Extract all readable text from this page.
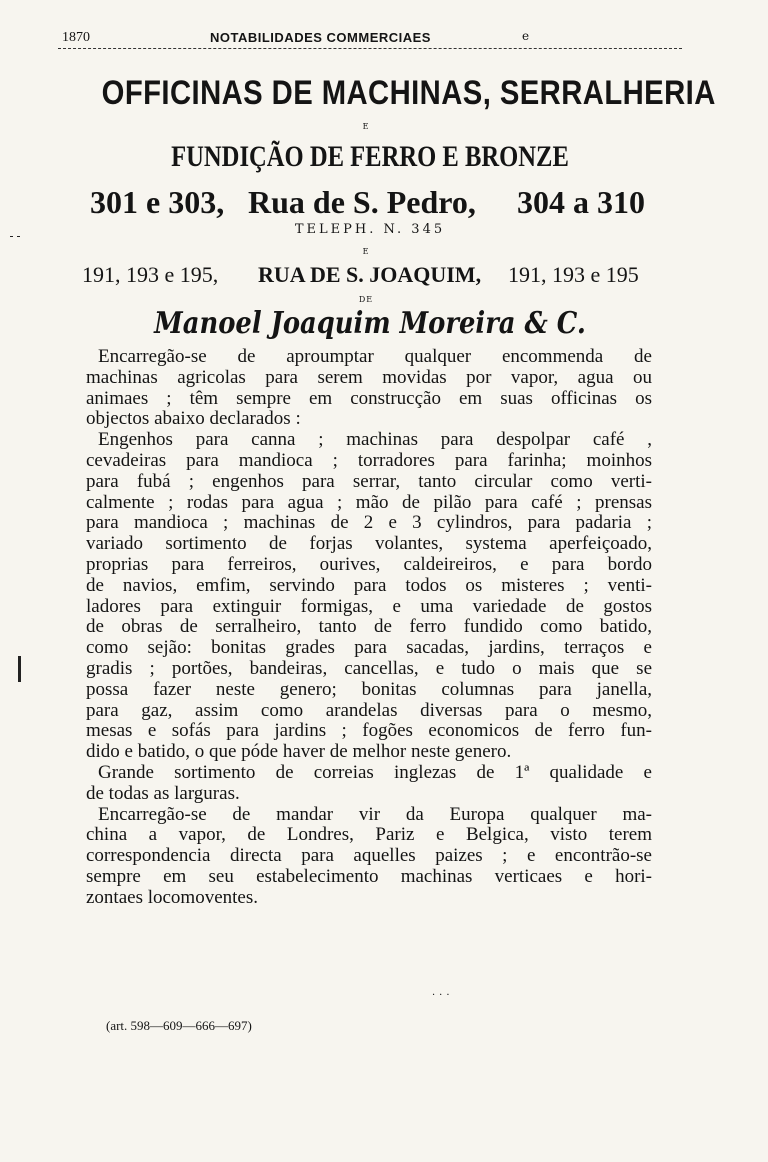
1870	NOTABILIDADES COMMERCIAES	e
OFFICINAS DE MACHINAS, SERRALHERIA
E
FUNDIÇÃO DE FERRO E BRONZE
301 e 303, Rua de S. Pedro, 304 a 310
TELEPH. N. 345
E
191, 193 e 195, RUA DE S. JOAQUIM, 191, 193 e 195
DE
Manoel Joaquim Moreira & C.
Encarregão-se de aproumptar qualquer encommenda de
machinas agricolas para serem movidas por vapor, agua ou
animaes ; têm sempre em construcção em suas officinas os
objectos abaixo declarados :
Engenhos para canna ; machinas para despolpar café ,
cevadeiras para mandioca ; torradores para farinha; moinhos
para fubá ; engenhos para serrar, tanto circular como verti-
calmente ; rodas para agua ; mão de pilão para café ; prensas
para mandioca ; machinas de 2 e 3 cylindros, para padaria ;
variado sortimento de forjas volantes, systema aperfeiçoado,
proprias para ferreiros, ourives, caldeireiros, e para bordo
de navios, emfim, servindo para todos os misteres ; venti-
ladores para extinguir formigas, e uma variedade de gostos
de obras de serralheiro, tanto de ferro fundido como batido,
como sejão: bonitas grades para sacadas, jardins, terraços e
gradis ; portões, bandeiras, cancellas, e tudo o mais que se
possa fazer neste genero; bonitas columnas para janella,
para gaz, assim como arandelas diversas para o mesmo,
mesas e sofás para jardins ; fogões economicos de ferro fun-
dido e batido, o que póde haver de melhor neste genero.
Grande sortimento de correias inglezas de 1ª qualidade e
de todas as larguras.
Encarregão-se de mandar vir da Europa qualquer ma-
china a vapor, de Londres, Pariz e Belgica, visto terem
correspondencia directa para aquelles paizes ; e encontrão-se
sempre em seu estabelecimento machinas verticaes e hori-
zontaes locomoventes.
···
(art. 598—609—666—697)
